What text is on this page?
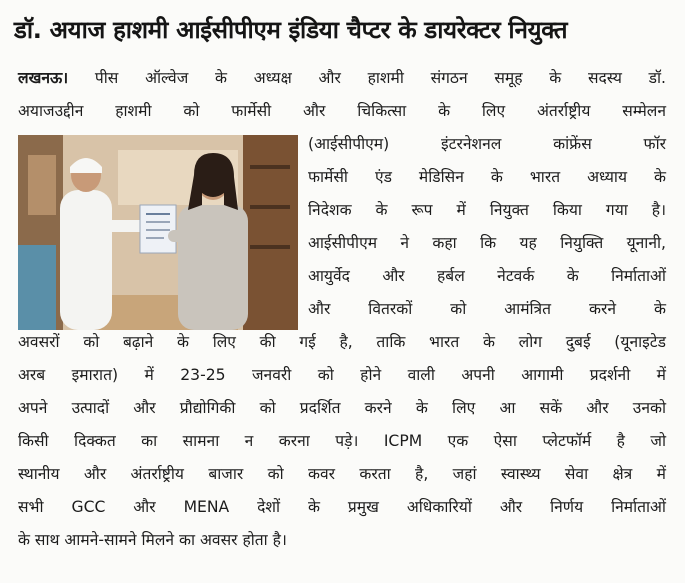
डॉ. अयाज हाशमी आईसीपीएम इंडिया चैप्टर के डायरेक्टर नियुक्त
लखनऊ। पीस ऑल्वेज के अध्यक्ष और हाशमी संगठन समूह के सदस्य डॉ.
अयाजउद्दीन हाशमी को फार्मेसी और चिकित्सा के लिए अंतर्राष्ट्रीय सम्मेलन
(आईसीपीएम) इंटरनेशनल कांफ्रेंस फॉर
फार्मेसी एंड मेडिसिन के भारत अध्याय के
निदेशक के रूप में नियुक्त किया गया है।
आईसीपीएम ने कहा कि यह नियुक्ति यूनानी,
आयुर्वेद और हर्बल नेटवर्क के निर्माताओं
और वितरकों को आमंत्रित करने के
अवसरों को बढ़ाने के लिए की गई है, ताकि भारत के लोग दुबई (यूनाइटेड
अरब इमारात) में 23-25 जनवरी को होने वाली अपनी आगामी प्रदर्शनी में
अपने उत्पादों और प्रौद्योगिकी को प्रदर्शित करने के लिए आ सकें और उनको
किसी दिक्कत का सामना न करना पड़े। ICPM एक ऐसा प्लेटफॉर्म है जो
स्थानीय और अंतर्राष्ट्रीय बाजार को कवर करता है, जहां स्वास्थ्य सेवा क्षेत्र में
सभी GCC और MENA देशों के प्रमुख अधिकारियों और निर्णय निर्माताओं
के साथ आमने-सामने मिलने का अवसर होता है।
